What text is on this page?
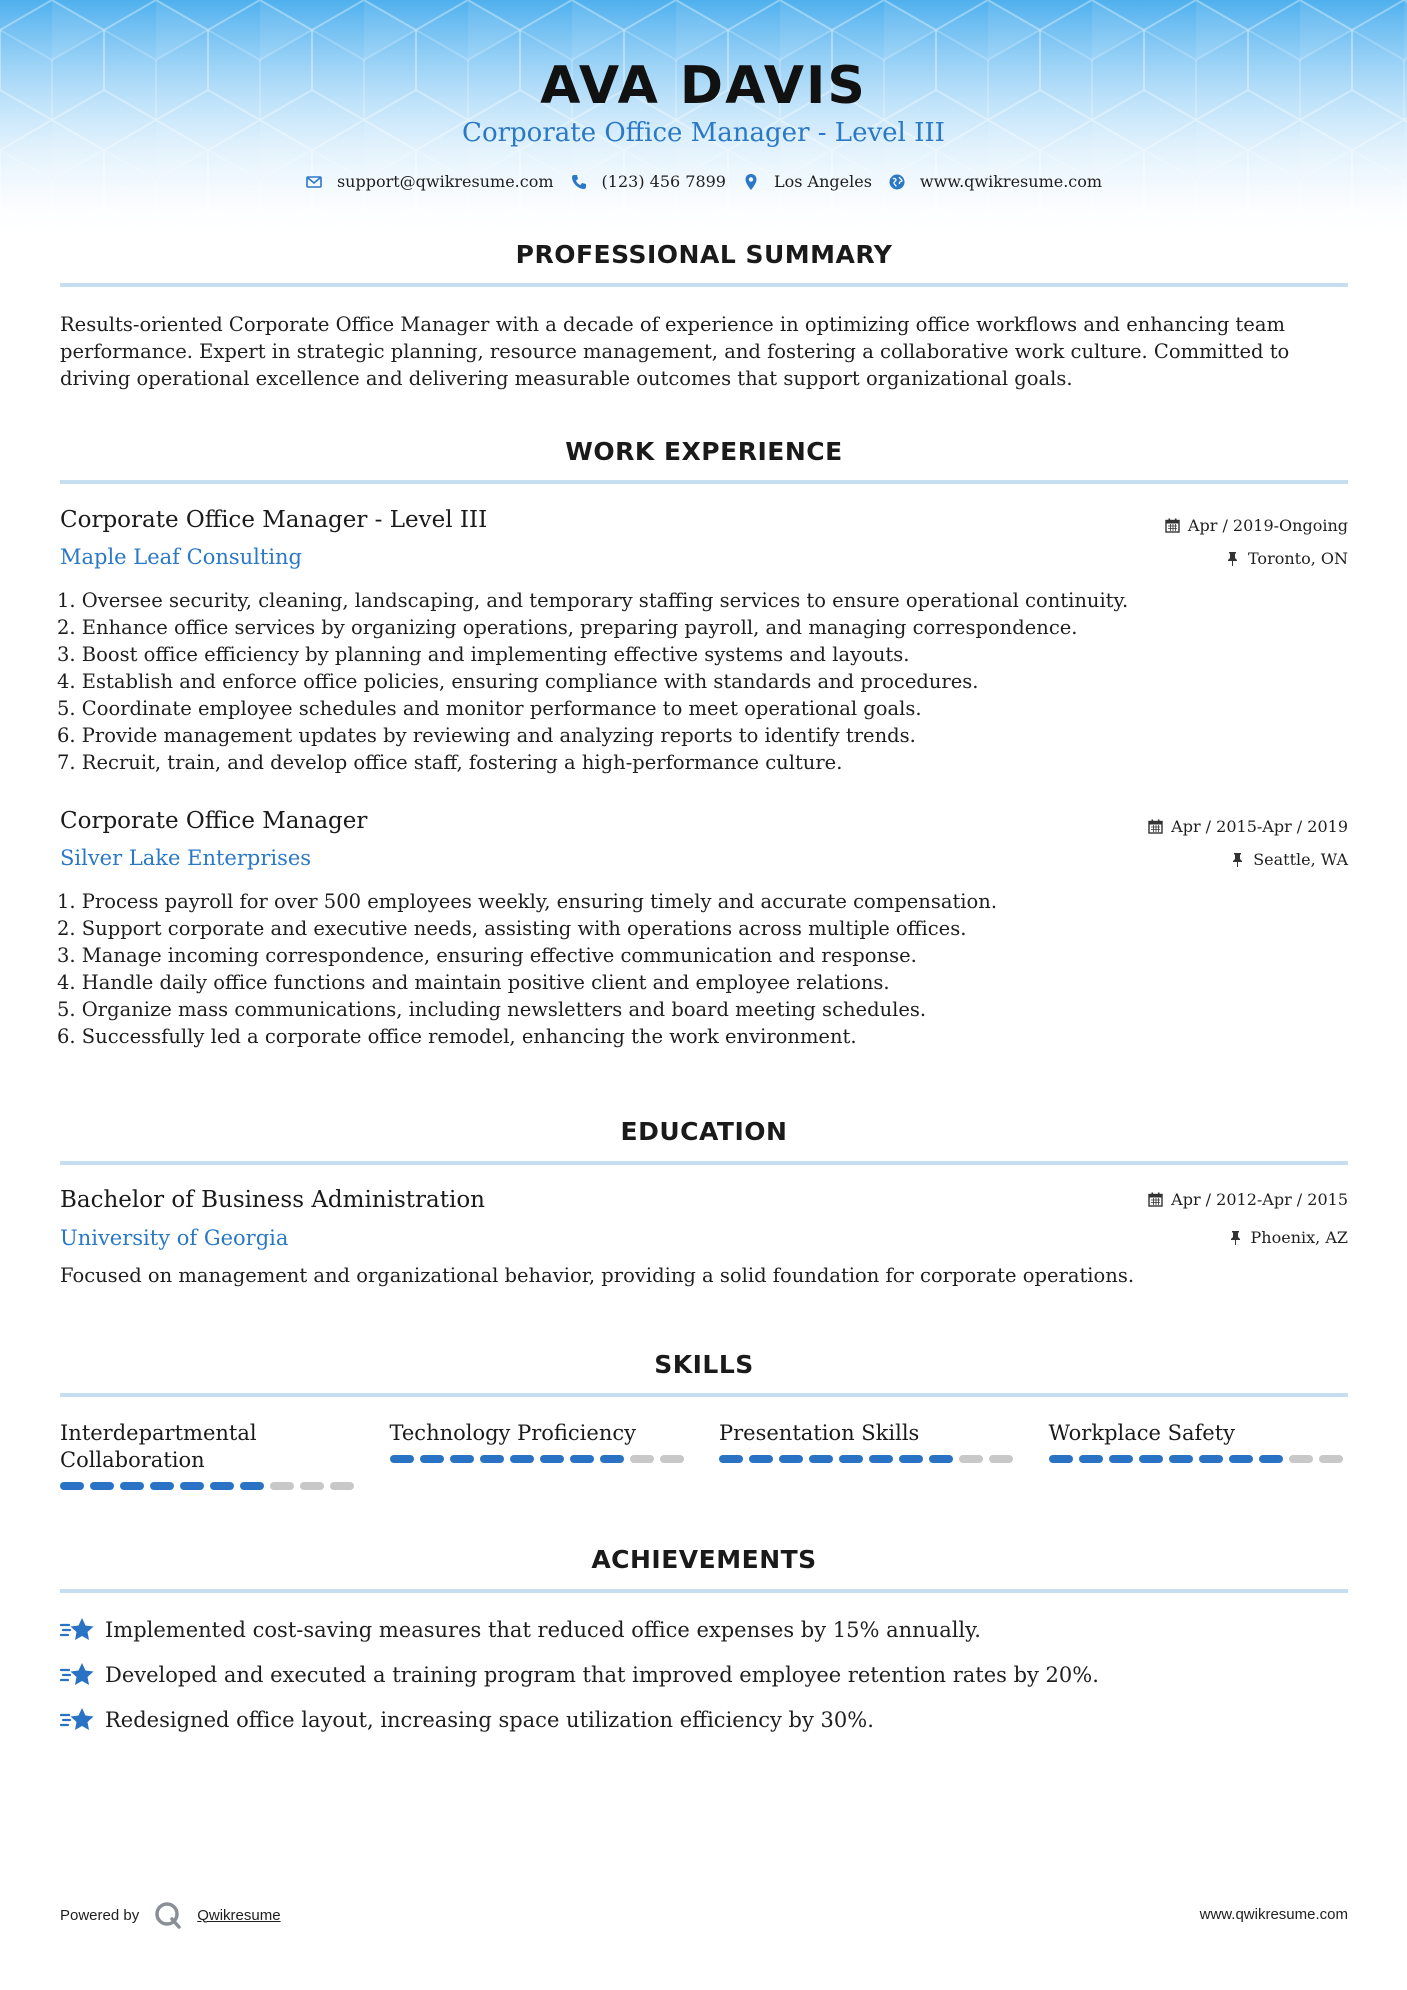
AVA DAVIS
Corporate Office Manager - Level III
support@qwikresume.com	(123) 456 7899	Los Angeles	www.qwikresume.com
PROFESSIONAL SUMMARY
Results-oriented Corporate Office Manager with a decade of experience in optimizing office workflows and enhancing team performance. Expert in strategic planning, resource management, and fostering a collaborative work culture. Committed to driving operational excellence and delivering measurable outcomes that support organizational goals.
WORK EXPERIENCE
Corporate Office Manager - Level III	Apr / 2019-Ongoing
Maple Leaf Consulting	Toronto, ON
1. Oversee security, cleaning, landscaping, and temporary staffing services to ensure operational continuity.
2. Enhance office services by organizing operations, preparing payroll, and managing correspondence.
3. Boost office efficiency by planning and implementing effective systems and layouts.
4. Establish and enforce office policies, ensuring compliance with standards and procedures.
5. Coordinate employee schedules and monitor performance to meet operational goals.
6. Provide management updates by reviewing and analyzing reports to identify trends.
7. Recruit, train, and develop office staff, fostering a high-performance culture.
Corporate Office Manager	Apr / 2015-Apr / 2019
Silver Lake Enterprises	Seattle, WA
1. Process payroll for over 500 employees weekly, ensuring timely and accurate compensation.
2. Support corporate and executive needs, assisting with operations across multiple offices.
3. Manage incoming correspondence, ensuring effective communication and response.
4. Handle daily office functions and maintain positive client and employee relations.
5. Organize mass communications, including newsletters and board meeting schedules.
6. Successfully led a corporate office remodel, enhancing the work environment.
EDUCATION
Bachelor of Business Administration	Apr / 2012-Apr / 2015
University of Georgia	Phoenix, AZ
Focused on management and organizational behavior, providing a solid foundation for corporate operations.
SKILLS
Interdepartmental Collaboration
Technology Proficiency	Presentation Skills	Workplace Safety
ACHIEVEMENTS
Implemented cost-saving measures that reduced office expenses by 15% annually.
Developed and executed a training program that improved employee retention rates by 20%.
Redesigned office layout, increasing space utilization efficiency by 30%.
Powered by	Qwikresume	www.qwikresume.com
